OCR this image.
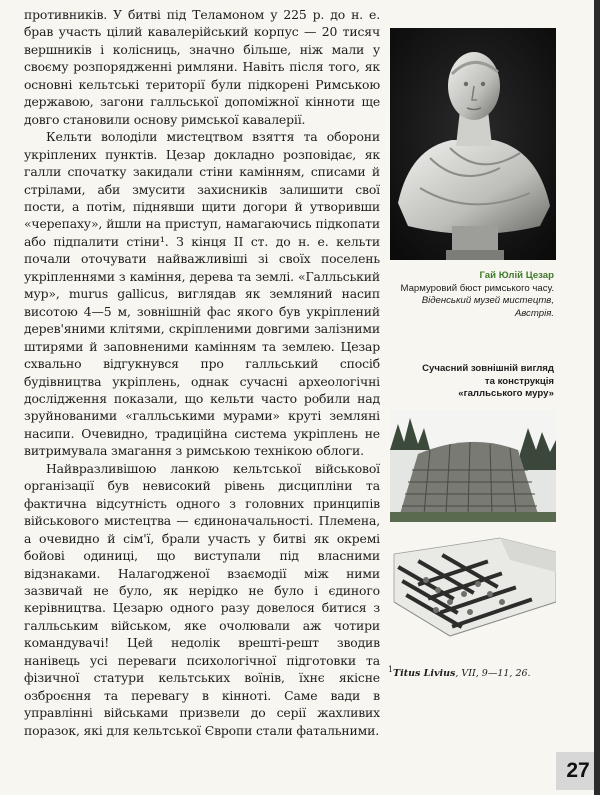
противників. У битві під Теламоном у 225 р. до н. е. брав участь цілий кавалерійський корпус — 20 тисяч вершників і колісниць, значно більше, ніж мали у своєму розпорядженні римляни. Навіть після того, як основні кельтські території були підкорені Римською державою, загони галльської допоміжної кінноти ще довго становили основу римської кавалерії.

Кельти володіли мистецтвом взяття та оборони укріплених пунктів. Цезар докладно розповідає, як галли спочатку закидали стіни камінням, списами й стрілами, аби змусити захисників залишити свої пости, а потім, піднявши щити догори й утворивши «черепаху», йшли на приступ, намагаючись підкопати або підпалити стіни¹. З кінця II ст. до н. е. кельти почали оточувати найважливіші зі своїх поселень укріпленнями з каміння, дерева та землі. «Галльський мур», murus gallicus, виглядав як земляний насип висотою 4—5 м, зовнішній фас якого був укріплений дерев'яними клітями, скріпленими довгими залізними штирями й заповненими камінням та землею. Цезар схвально відгукнувся про галльський спосіб будівництва укріплень, однак сучасні археологічні дослідження показали, що кельти часто робили над зруйнованими «галльськими мурами» круті земляні насипи. Очевидно, традиційна система укріплень не витримувала змагання з римською технікою облоги.

Найвразливішою ланкою кельтської військової організації був невисокий рівень дисципліни та фактична відсутність одного з головних принципів військового мистецтва — єдиноначальності. Племена, а очевидно й сім'ї, брали участь у битві як окремі бойові одиниці, що виступали під власними відзнаками. Налагодженої взаємодії між ними зазвичай не було, як нерідко не було і єдиного керівництва. Цезарю одного разу довелося битися з галльським військом, яке очолювали аж чотири командувачі! Цей недолік врешті-решт зводив нанівець усі переваги психологічної підготовки та фізичної статури кельтських воїнів, їхнє якісне озброєння та перевагу в кінноті. Саме вади в управлінні військами призвели до серії жахливих поразок, які для кельтської Європи стали фатальними.

Гай Юлій Цезар
Мармуровий бюст римського часу.
Віденський музей мистецтв,
Австрія.
Сучасний зовнішній вигляд
та конструкція
«галльського муру»
$^1$Titus Livius, VII, 9—11, 26.
27
